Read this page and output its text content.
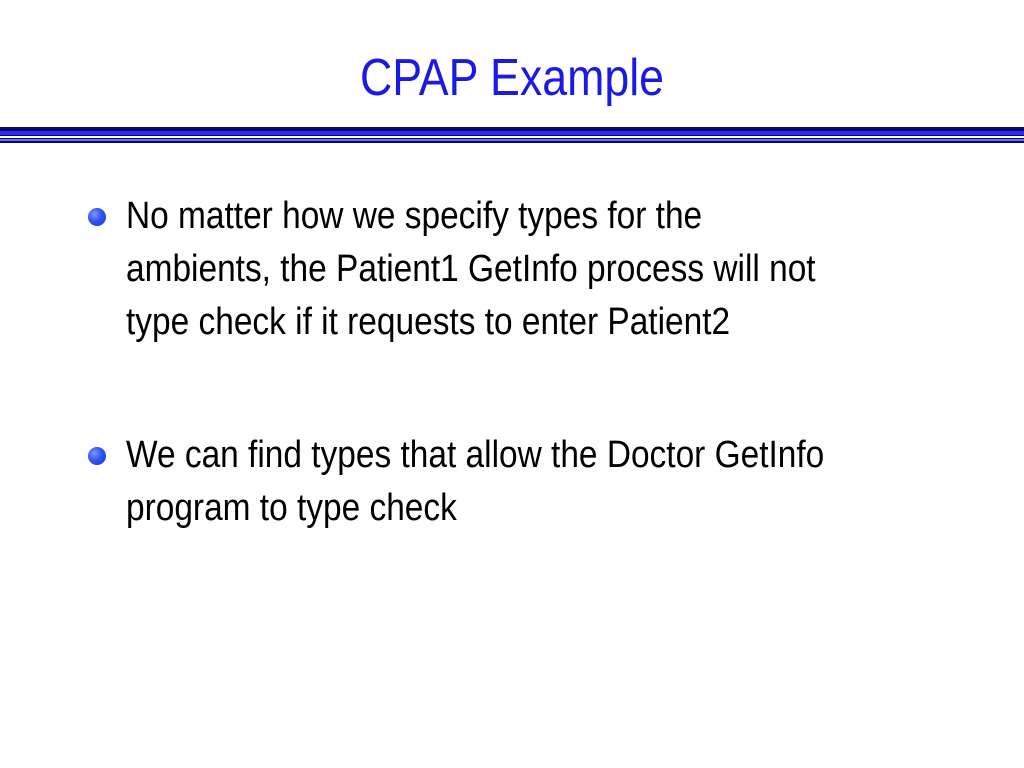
CPAP Example
No matter how we specify types for the
ambients, the Patient1 GetInfo process will not
type check if it requests to enter Patient2
We can find types that allow the Doctor GetInfo
program to type check
